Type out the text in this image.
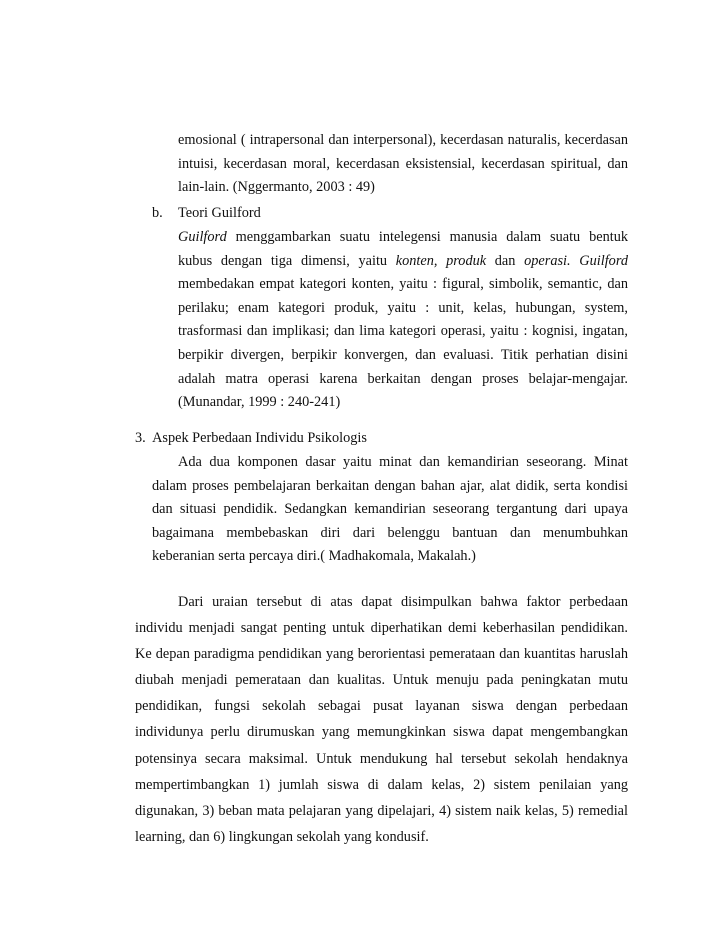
emosional ( intrapersonal dan interpersonal), kecerdasan naturalis, kecerdasan intuisi, kecerdasan moral, kecerdasan eksistensial, kecerdasan spiritual, dan lain-lain. (Nggermanto, 2003 : 49)

b. Teori Guilford

Guilford menggambarkan suatu intelegensi manusia dalam suatu bentuk kubus dengan tiga dimensi, yaitu konten, produk dan operasi. Guilford membedakan empat kategori konten, yaitu : figural, simbolik, semantic, dan perilaku; enam kategori produk, yaitu : unit, kelas, hubungan, system, trasformasi dan implikasi; dan lima kategori operasi, yaitu : kognisi, ingatan, berpikir divergen, berpikir konvergen, dan evaluasi. Titik perhatian disini adalah matra operasi karena berkaitan dengan proses belajar-mengajar. (Munandar, 1999 : 240-241)

3.  Aspek Perbedaan Individu Psikologis

Ada dua komponen dasar yaitu minat dan kemandirian seseorang. Minat dalam proses pembelajaran berkaitan dengan bahan ajar, alat didik, serta kondisi dan situasi pendidik. Sedangkan kemandirian seseorang tergantung dari upaya bagaimana membebaskan diri dari belenggu bantuan dan menumbuhkan keberanian serta percaya diri.( Madhakomala, Makalah.)

Dari uraian tersebut di atas dapat disimpulkan bahwa faktor perbedaan individu menjadi sangat penting untuk diperhatikan demi keberhasilan pendidikan. Ke depan paradigma pendidikan yang berorientasi pemerataan dan kuantitas haruslah diubah menjadi pemerataan dan kualitas. Untuk menuju pada peningkatan mutu pendidikan, fungsi sekolah sebagai pusat layanan siswa dengan perbedaan individunya perlu dirumuskan yang memungkinkan siswa dapat mengembangkan potensinya secara maksimal. Untuk mendukung hal tersebut sekolah hendaknya mempertimbangkan 1) jumlah siswa di dalam kelas, 2) sistem penilaian yang digunakan, 3) beban mata pelajaran yang dipelajari, 4) sistem naik kelas, 5) remedial learning, dan 6) lingkungan sekolah yang kondusif.
